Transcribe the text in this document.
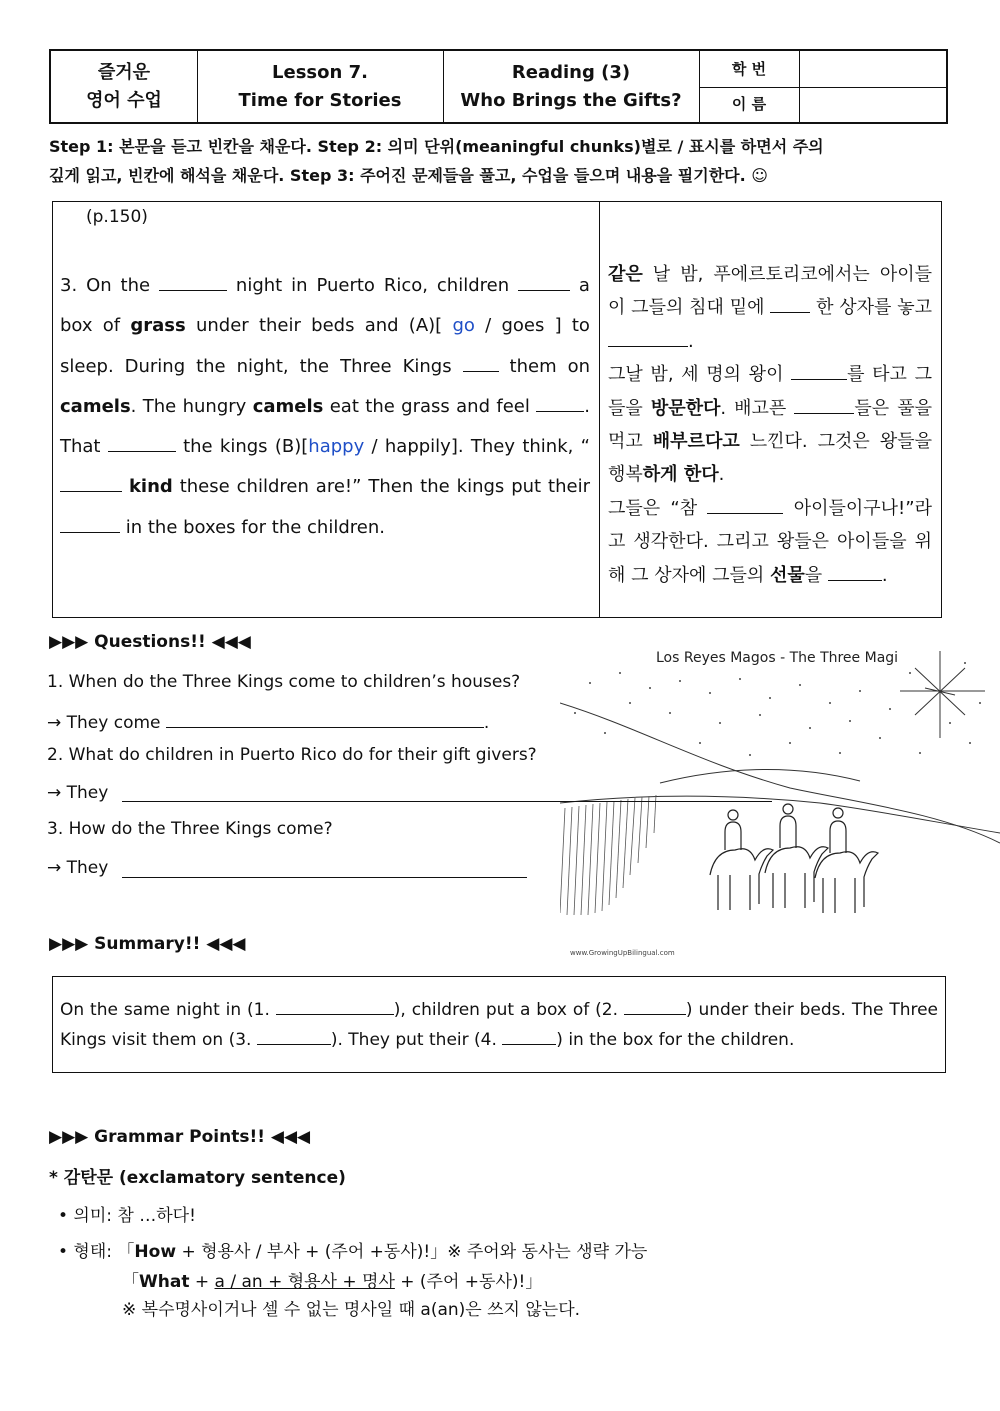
즐거운
영어 수업
Lesson 7.
Time for Stories
Reading (3)
Who Brings the Gifts?
학 번
이 름
Step 1: 본문을 듣고 빈칸을 채운다. Step 2: 의미 단위(meaningful chunks)별로 / 표시를 하면서 주의
깊게 읽고, 빈칸에 해석을 채운다. Step 3: 주어진 문제들을 풀고, 수업을 들으며 내용을 필기한다. ☺
(p.150)
3. On the	night in Puerto Rico, children	a box of grass under their beds and (A)[ go / goes ] to sleep. During the night, the Three Kings	them on camels. The hungry camels eat the grass and feel	. That	the kings (B)[happy / happily]. They think, “ kind these children are!” Then the kings put their  in the boxes for the children.
같은 날 밤, 푸에르토리코에서는 아이들이 그들의 침대 밑에	한 상자를 놓고 .
그날 밤, 세 명의 왕이	를 타고 그들을 방문한다. 배고픈	들은 풀을 먹고 배부르다고 느낀다. 그것은 왕들을 행복하게 한다.
그들은 “참	아이들이구나!”라고 생각한다. 그리고 왕들은 아이들을 위해 그 상자에 그들의 선물을	.
Los Reyes Magos - The Three Magi
www.GrowingUpBilingual.com
▶▶▶ Questions!! ◀◀◀
1. When do the Three Kings come to children’s houses?
→ They come	.
2. What do children in Puerto Rico do for their gift givers?
→ They
3. How do the Three Kings come?
→ They
▶▶▶ Summary!! ◀◀◀
On the same night in (1.	), children put a box of (2.	) under their beds. The Three Kings visit them on (3.	). They put their (4.	) in the box for the children.
▶▶▶ Grammar Points!! ◀◀◀
* 감탄문 (exclamatory sentence)
• 의미: 참 …하다!
• 형태: 「How + 형용사 / 부사 + (주어 +동사)!」※ 주어와 동사는 생략 가능
「What + a / an + 형용사 + 명사 + (주어 +동사)!」
※ 복수명사이거나 셀 수 없는 명사일 때 a(an)은 쓰지 않는다.
